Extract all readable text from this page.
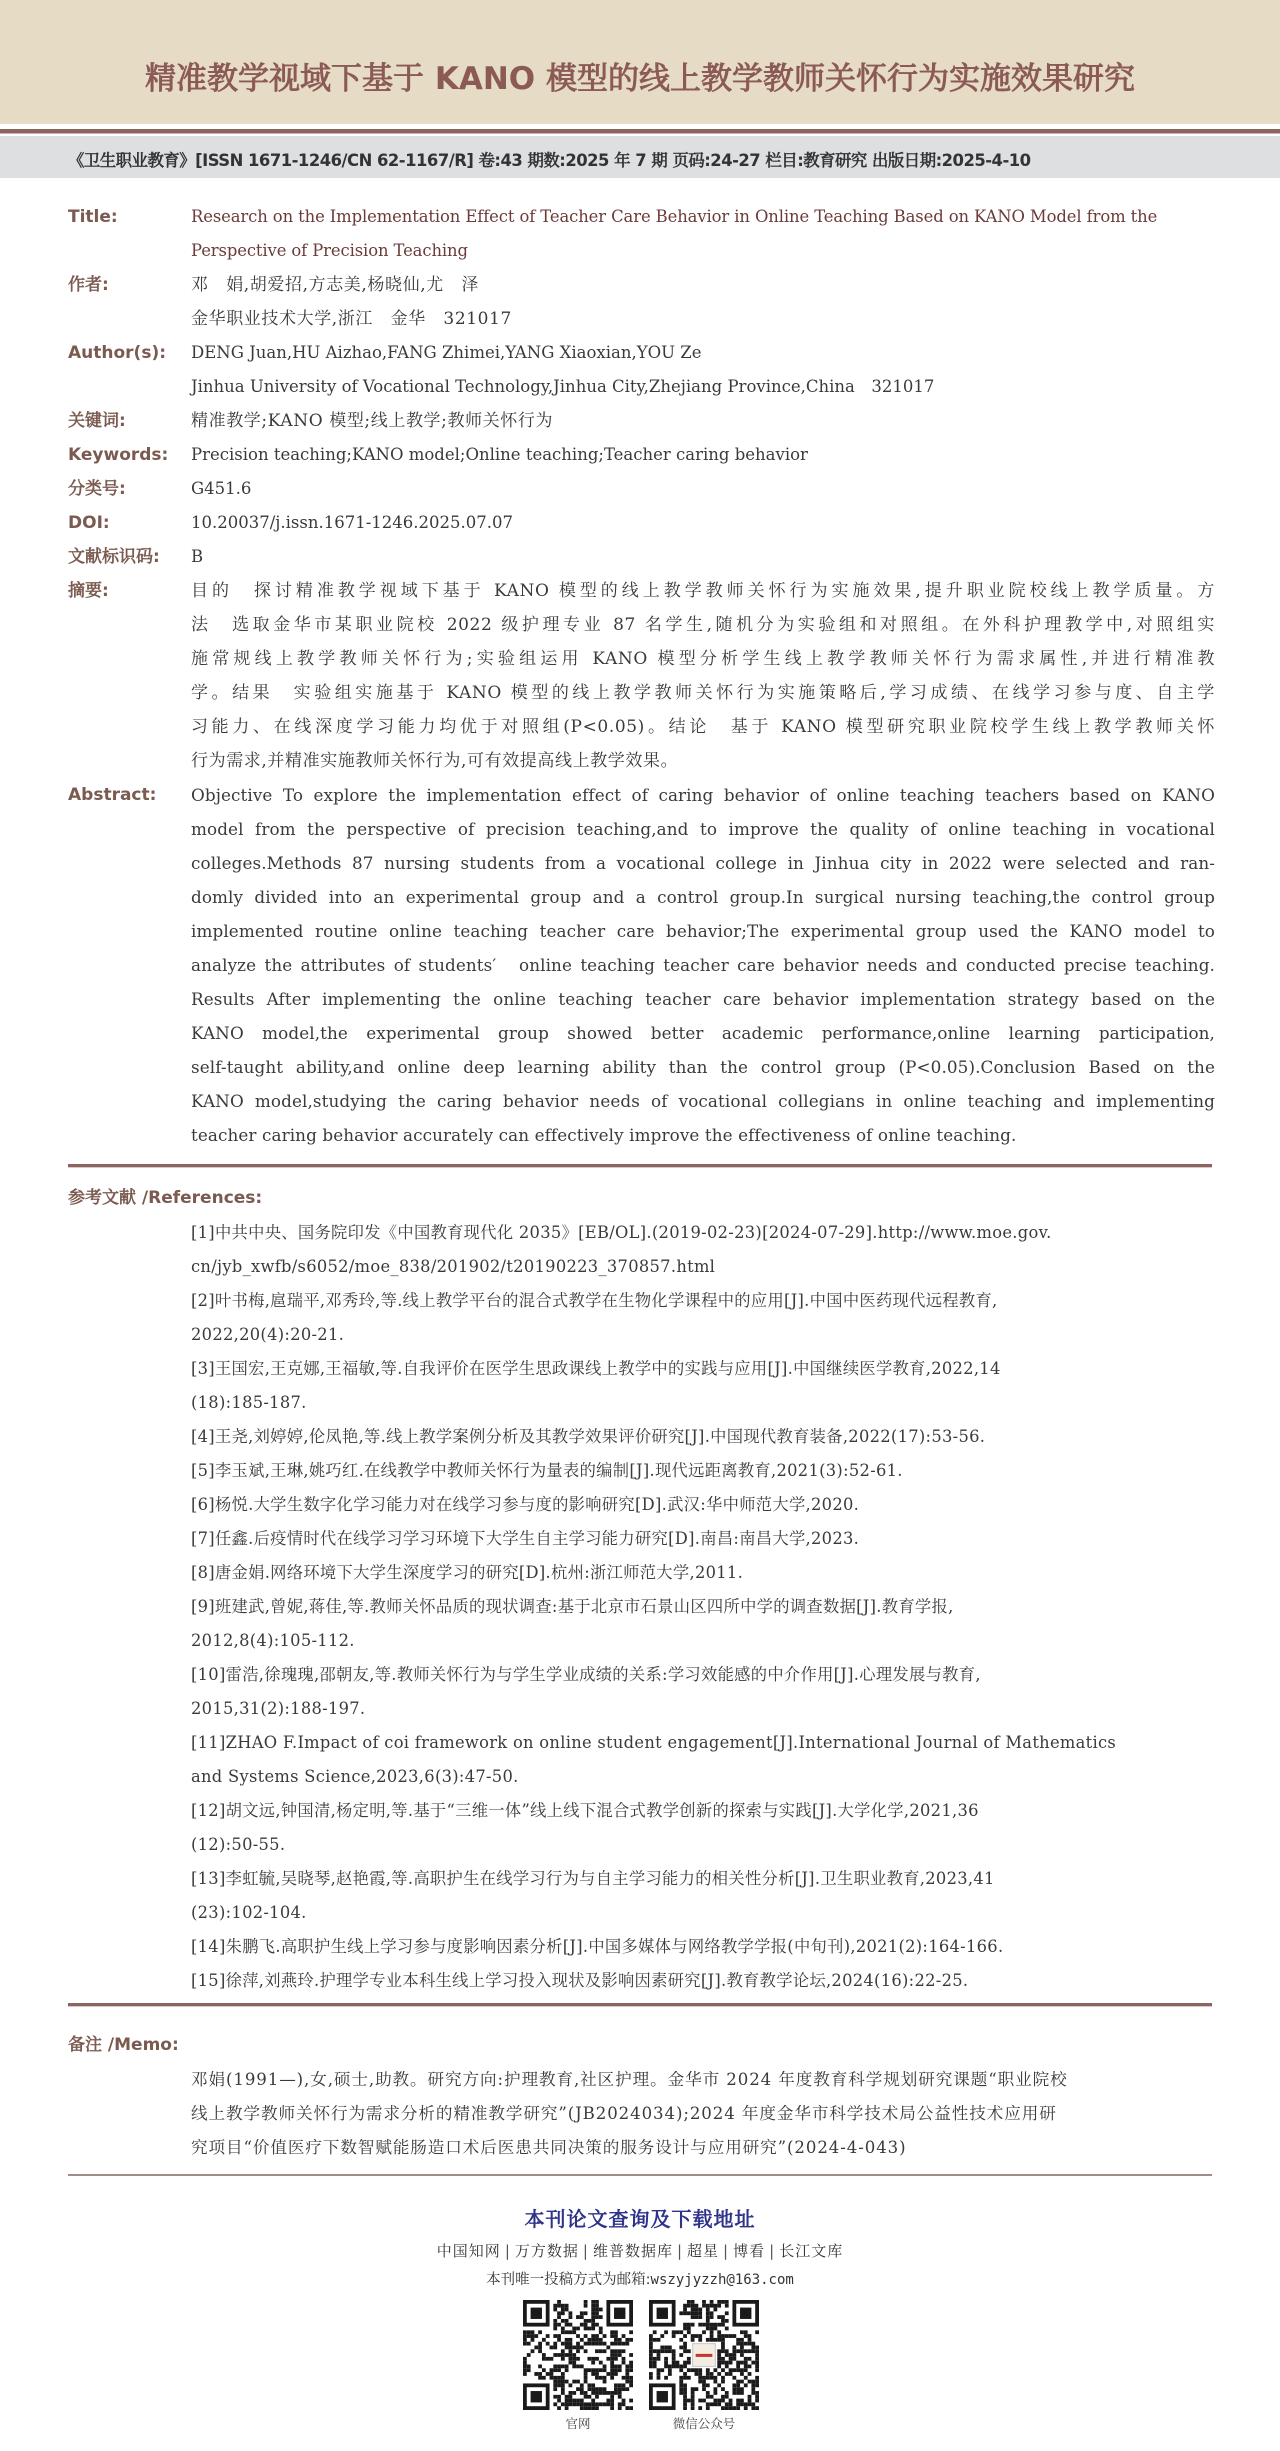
精准教学视域下基于 KANO 模型的线上教学教师关怀行为实施效果研究
《卫生职业教育》[ISSN 1671-1246/CN 62-1167/R] 卷:43 期数:2025 年 7 期 页码:24-27 栏目:教育研究 出版日期:2025-4-10
Title:	Research on the Implementation Effect of Teacher Care Behavior in Online Teaching Based on KANO Model from the
Perspective of Precision Teaching
作者:	邓　娟,胡爱招,方志美,杨晓仙,尤　泽
金华职业技术大学,浙江　金华　321017
Author(s):	DENG Juan,HU Aizhao,FANG Zhimei,YANG Xiaoxian,YOU Ze
Jinhua University of Vocational Technology,Jinhua City,Zhejiang Province,China　321017
关键词:	精准教学;KANO 模型;线上教学;教师关怀行为
Keywords:	Precision teaching;KANO model;Online teaching;Teacher caring behavior
分类号:	G451.6
DOI:	10.20037/j.issn.1671-1246.2025.07.07
文献标识码:	B
摘要:	目的　探讨精准教学视域下基于 KANO 模型的线上教学教师关怀行为实施效果,提升职业院校线上教学质量。方
法　选取金华市某职业院校 2022 级护理专业 87 名学生,随机分为实验组和对照组。在外科护理教学中,对照组实
施常规线上教学教师关怀行为;实验组运用 KANO 模型分析学生线上教学教师关怀行为需求属性,并进行精准教
学。结果　实验组实施基于 KANO 模型的线上教学教师关怀行为实施策略后,学习成绩、在线学习参与度、自主学
习能力、在线深度学习能力均优于对照组(P<0.05)。结论　基于 KANO 模型研究职业院校学生线上教学教师关怀
行为需求,并精准实施教师关怀行为,可有效提高线上教学效果。
Abstract:	Objective To explore the implementation effect of caring behavior of online teaching teachers based on KANO
model from the perspective of precision teaching,and to improve the quality of online teaching in vocational
colleges.Methods 87 nursing students from a vocational college in Jinhua city in 2022 were selected and ran-
domly divided into an experimental group and a control group.In surgical nursing teaching,the control group
implemented routine online teaching teacher care behavior;The experimental group used the KANO model to
analyze the attributes of students′　online teaching teacher care behavior needs and conducted precise teaching.
Results After implementing the online teaching teacher care behavior implementation strategy based on the
KANO model,the experimental group showed better academic performance,online learning participation,
self-taught ability,and online deep learning ability than the control group (P<0.05).Conclusion Based on the
KANO model,studying the caring behavior needs of vocational collegians in online teaching and implementing
teacher caring behavior accurately can effectively improve the effectiveness of online teaching.
参考文献 /References:
[1]中共中央、国务院印发《中国教育现代化 2035》[EB/OL].(2019-02-23)[2024-07-29].http://www.moe.gov.
cn/jyb_xwfb/s6052/moe_838/201902/t20190223_370857.html
[2]叶书梅,扈瑞平,邓秀玲,等.线上教学平台的混合式教学在生物化学课程中的应用[J].中国中医药现代远程教育,
2022,20(4):20-21.
[3]王国宏,王克娜,王福敏,等.自我评价在医学生思政课线上教学中的实践与应用[J].中国继续医学教育,2022,14
(18):185-187.
[4]王尧,刘婷婷,伦凤艳,等.线上教学案例分析及其教学效果评价研究[J].中国现代教育装备,2022(17):53-56.
[5]李玉斌,王琳,姚巧红.在线教学中教师关怀行为量表的编制[J].现代远距离教育,2021(3):52-61.
[6]杨悦.大学生数字化学习能力对在线学习参与度的影响研究[D].武汉:华中师范大学,2020.
[7]任鑫.后疫情时代在线学习学习环境下大学生自主学习能力研究[D].南昌:南昌大学,2023.
[8]唐金娟.网络环境下大学生深度学习的研究[D].杭州:浙江师范大学,2011.
[9]班建武,曾妮,蒋佳,等.教师关怀品质的现状调查:基于北京市石景山区四所中学的调查数据[J].教育学报,
2012,8(4):105-112.
[10]雷浩,徐瑰瑰,邵朝友,等.教师关怀行为与学生学业成绩的关系:学习效能感的中介作用[J].心理发展与教育,
2015,31(2):188-197.
[11]ZHAO F.Impact of coi framework on online student engagement[J].International Journal of Mathematics
and Systems Science,2023,6(3):47-50.
[12]胡文远,钟国清,杨定明,等.基于“三维一体”线上线下混合式教学创新的探索与实践[J].大学化学,2021,36
(12):50-55.
[13]李虹毓,吴晓琴,赵艳霞,等.高职护生在线学习行为与自主学习能力的相关性分析[J].卫生职业教育,2023,41
(23):102-104.
[14]朱鹏飞.高职护生线上学习参与度影响因素分析[J].中国多媒体与网络教学学报(中旬刊),2021(2):164-166.
[15]徐萍,刘燕玲.护理学专业本科生线上学习投入现状及影响因素研究[J].教育教学论坛,2024(16):22-25.
备注 /Memo:
邓娟(1991—),女,硕士,助教。研究方向:护理教育,社区护理。金华市 2024 年度教育科学规划研究课题“职业院校
线上教学教师关怀行为需求分析的精准教学研究”(JB2024034);2024 年度金华市科学技术局公益性技术应用研
究项目“价值医疗下数智赋能肠造口术后医患共同决策的服务设计与应用研究”(2024-4-043)
本刊论文查询及下载地址
中国知网 | 万方数据 | 维普数据库 | 超星 | 博看 | 长江文库
本刊唯一投稿方式为邮箱:wszyjyzzh@163.com
官网	微信公众号
